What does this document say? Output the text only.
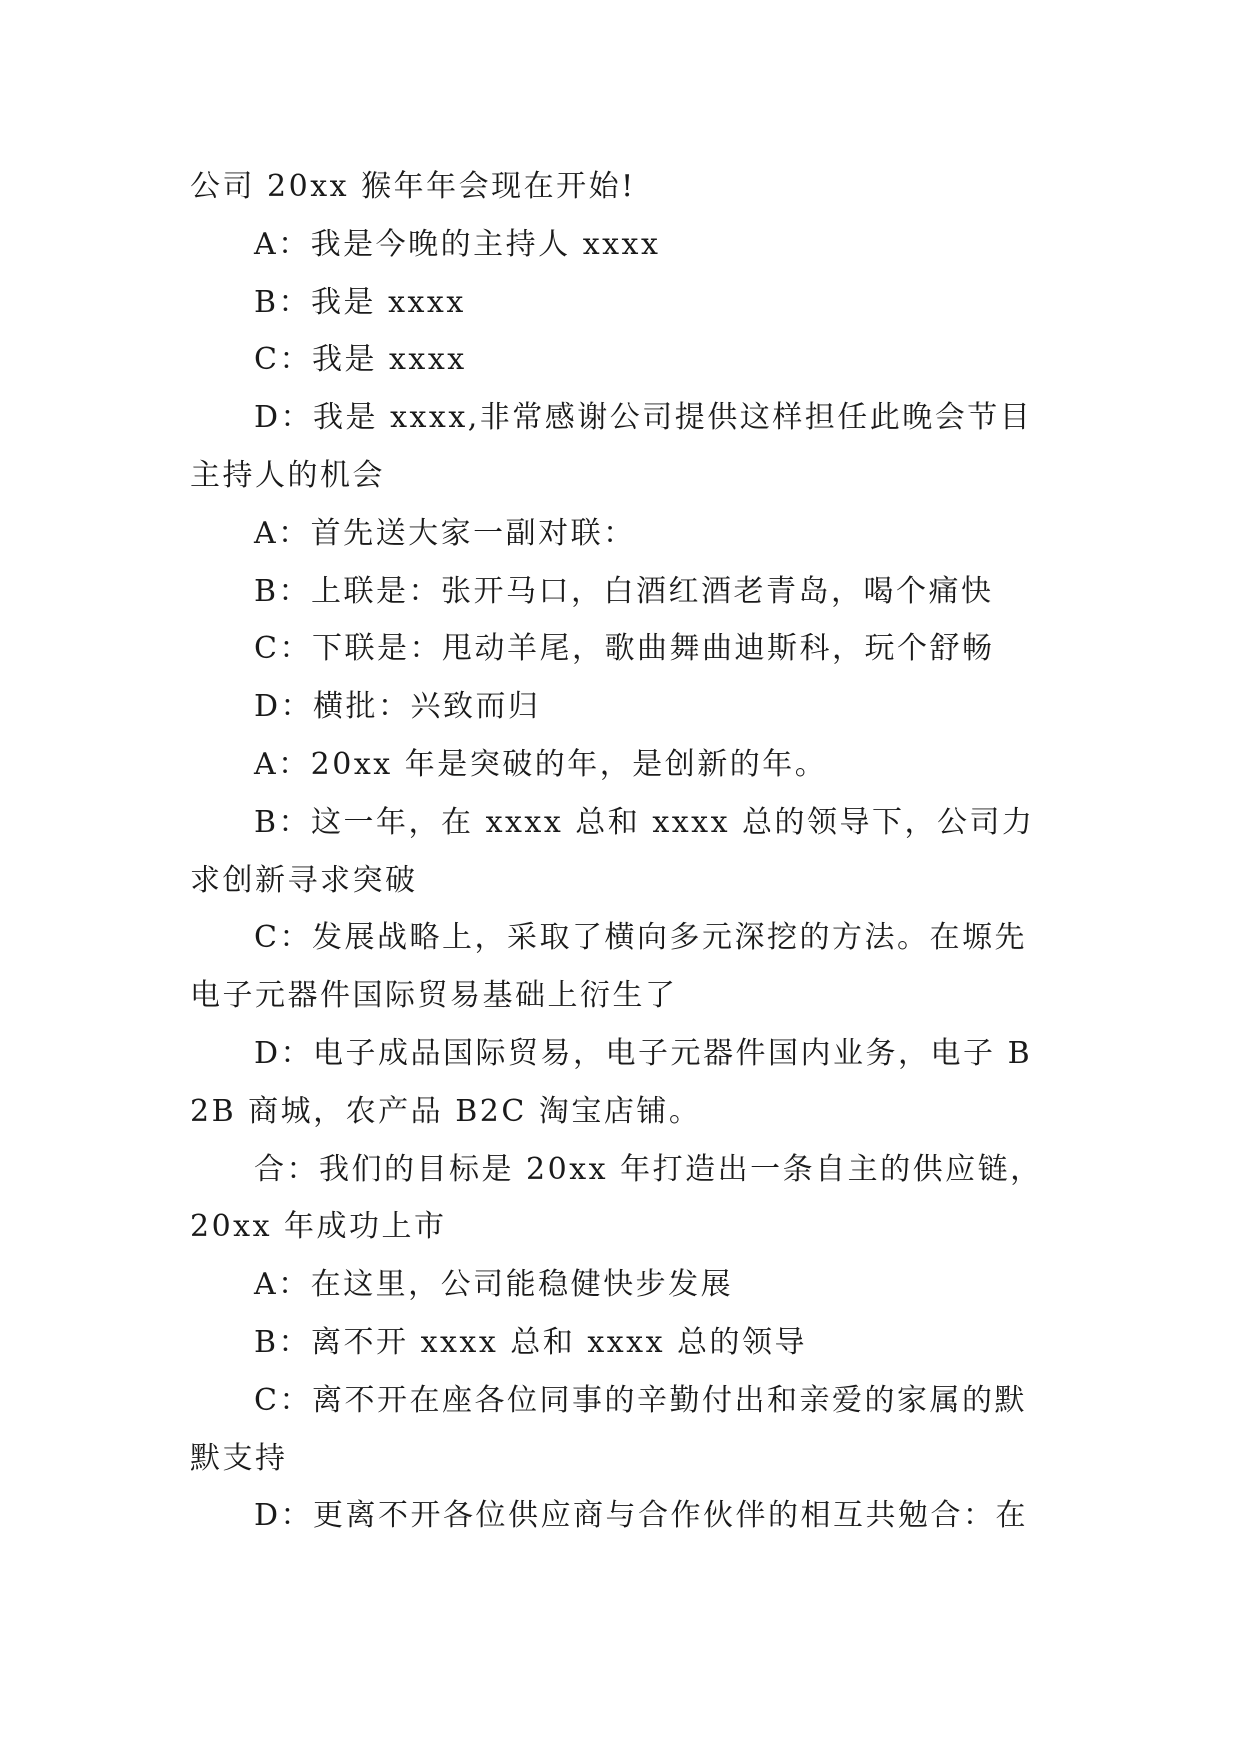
公司 20xx 猴年年会现在开始!

A：我是今晚的主持人 xxxx

B：我是 xxxx

C：我是 xxxx

D：我是 xxxx,非常感谢公司提供这样担任此晚会节目主持人的机会

A：首先送大家一副对联：

B：上联是：张开马口，白酒红酒老青岛，喝个痛快

C：下联是：甩动羊尾，歌曲舞曲迪斯科，玩个舒畅

D：横批：兴致而归

A：20xx 年是突破的年，是创新的年。

B：这一年，在 xxxx 总和 xxxx 总的领导下，公司力求创新寻求突破

C：发展战略上，采取了横向多元深挖的方法。在塬先电子元器件国际贸易基础上衍生了

D：电子成品国际贸易，电子元器件国内业务，电子 B2B 商城，农产品 B2C 淘宝店铺。

合：我们的目标是 20xx 年打造出一条自主的供应链，20xx 年成功上市

A：在这里，公司能稳健快步发展

B：离不开 xxxx 总和 xxxx 总的领导

C：离不开在座各位同事的辛勤付出和亲爱的家属的默默支持

D：更离不开各位供应商与合作伙伴的相互共勉合：在
